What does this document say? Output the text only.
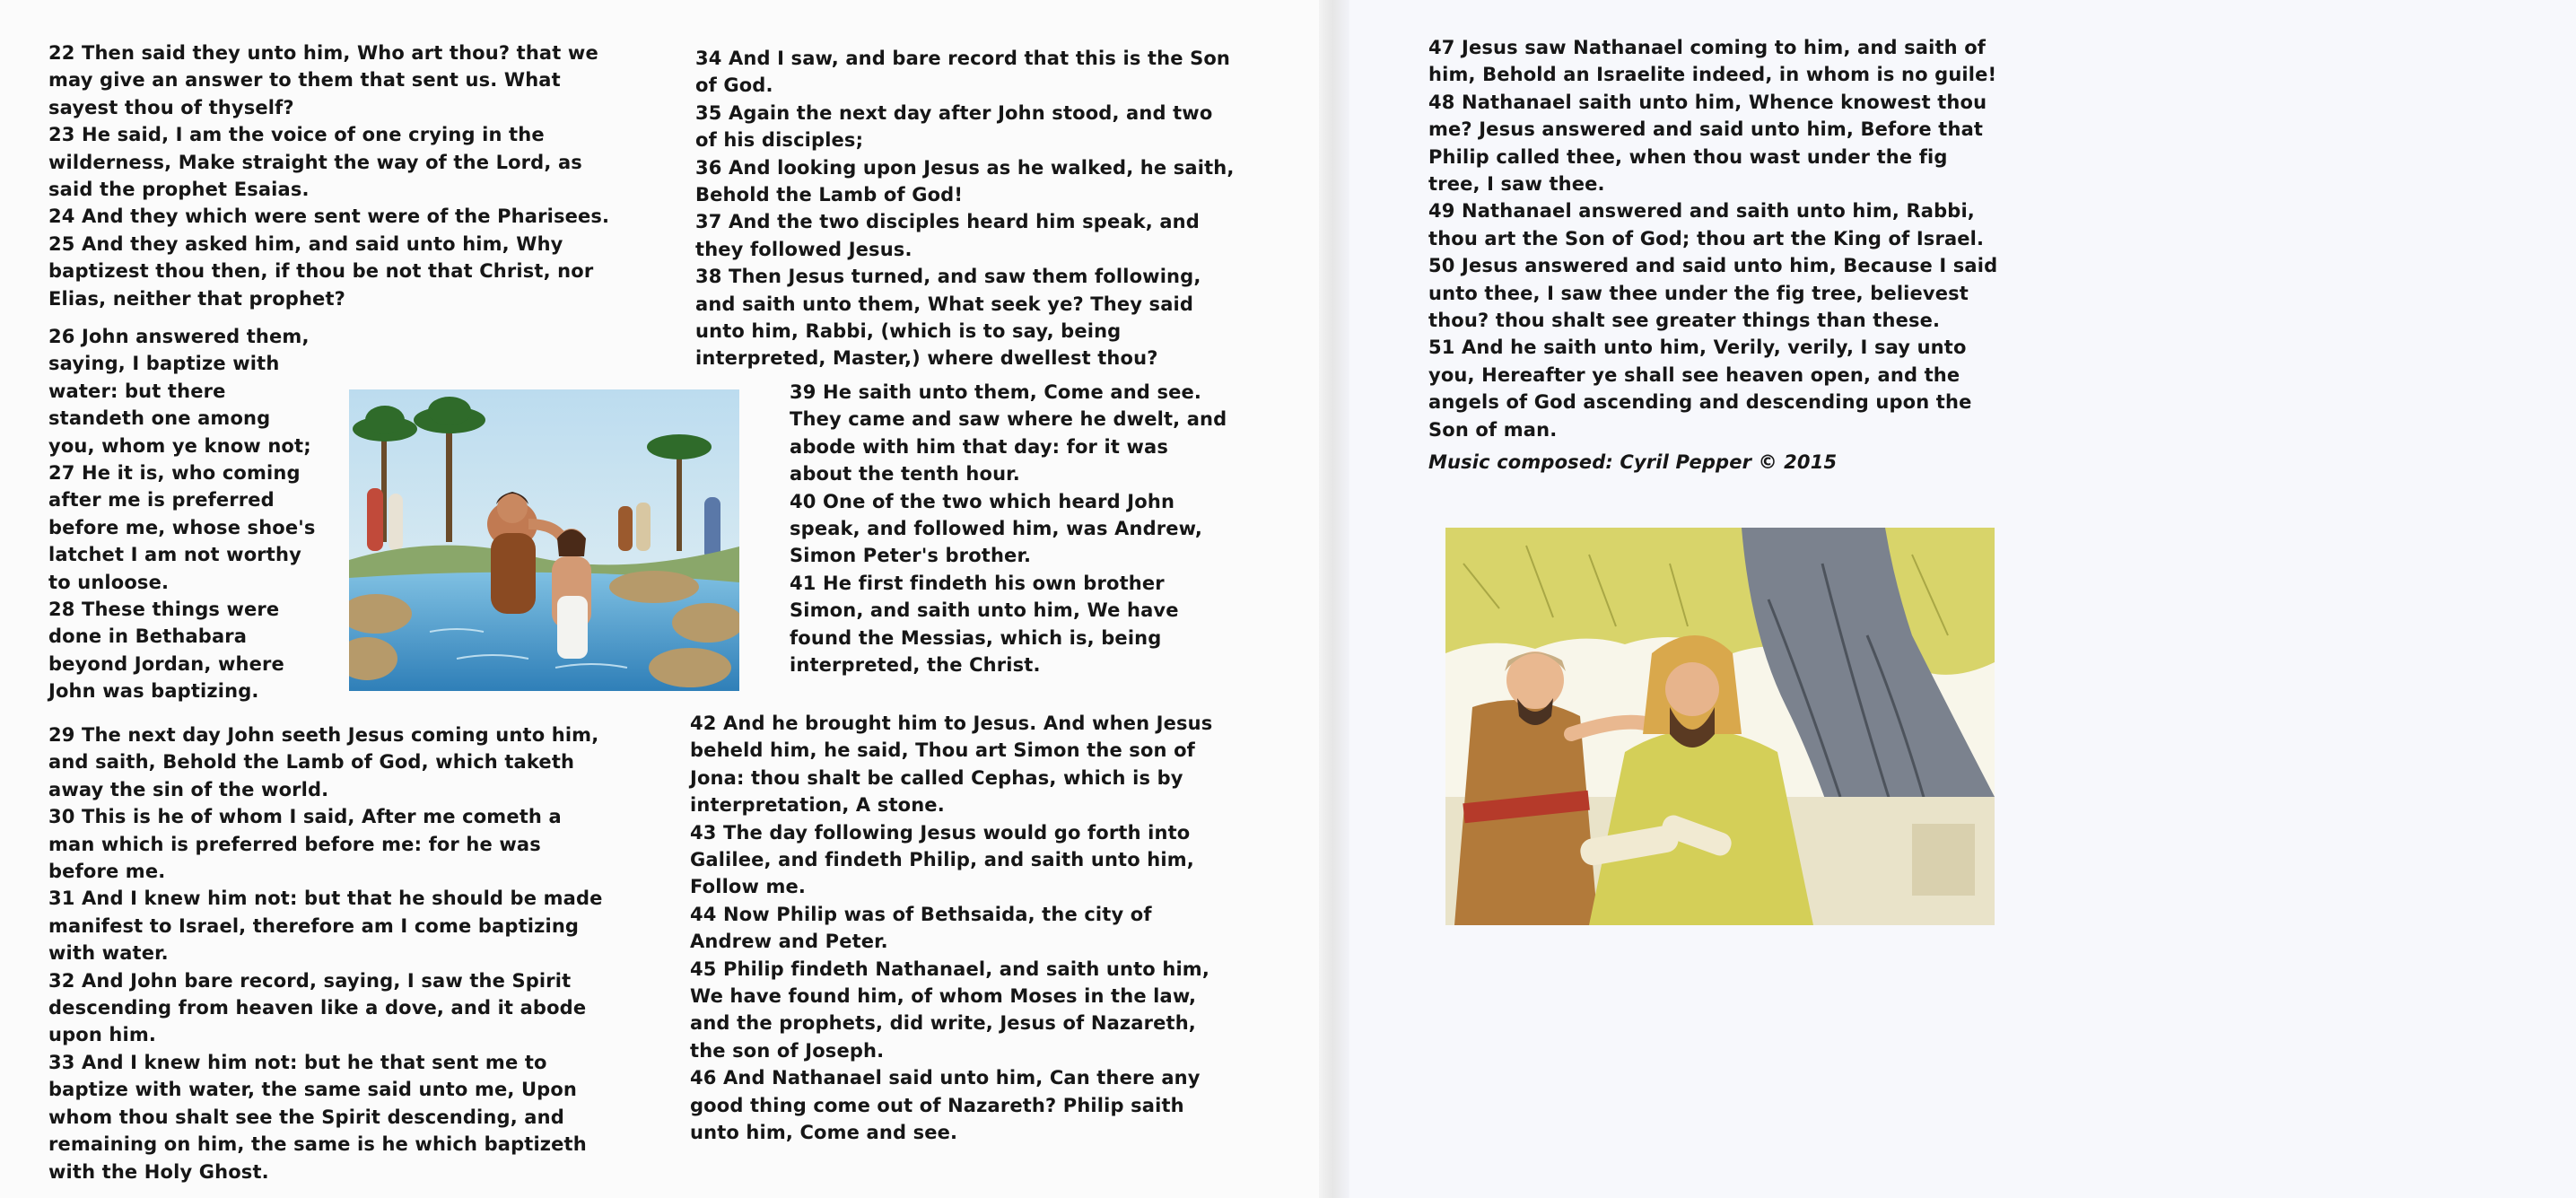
22 Then said they unto him, Who art thou? that we may give an answer to them that sent us. What sayest thou of thyself?
23 He said, I am the voice of one crying in the wilderness, Make straight the way of the Lord, as said the prophet Esaias.
24 And they which were sent were of the Pharisees.
25 And they asked him, and said unto him, Why baptizest thou then, if thou be not that Christ, nor Elias, neither that prophet?
26 John answered them, saying, I baptize with water: but there standeth one among you, whom ye know not;
27 He it is, who coming after me is preferred before me, whose shoe's latchet I am not worthy to unloose.
28 These things were done in Bethabara beyond Jordan, where John was baptizing.
29 The next day John seeth Jesus coming unto him, and saith, Behold the Lamb of God, which taketh away the sin of the world.
30 This is he of whom I said, After me cometh a man which is preferred before me: for he was before me.
31 And I knew him not: but that he should be made manifest to Israel, therefore am I come baptizing with water.
32 And John bare record, saying, I saw the Spirit descending from heaven like a dove, and it abode upon him.
33 And I knew him not: but he that sent me to baptize with water, the same said unto me, Upon whom thou shalt see the Spirit descending, and remaining on him, the same is he which baptizeth with the Holy Ghost.
34 And I saw, and bare record that this is the Son of God.
35 Again the next day after John stood, and two of his disciples;
36 And looking upon Jesus as he walked, he saith, Behold the Lamb of God!
37 And the two disciples heard him speak, and they followed Jesus.
38 Then Jesus turned, and saw them following, and saith unto them, What seek ye? They said unto him, Rabbi, (which is to say, being interpreted, Master,) where dwellest thou?
39 He saith unto them, Come and see. They came and saw where he dwelt, and abode with him that day: for it was about the tenth hour.
40 One of the two which heard John speak, and followed him, was Andrew, Simon Peter's brother.
41 He first findeth his own brother Simon, and saith unto him, We have found the Messias, which is, being interpreted, the Christ.
42 And he brought him to Jesus. And when Jesus beheld him, he said, Thou art Simon the son of Jona: thou shalt be called Cephas, which is by interpretation, A stone.
43 The day following Jesus would go forth into Galilee, and findeth Philip, and saith unto him, Follow me.
44 Now Philip was of Bethsaida, the city of Andrew and Peter.
45 Philip findeth Nathanael, and saith unto him, We have found him, of whom Moses in the law, and the prophets, did write, Jesus of Nazareth, the son of Joseph.
46 And Nathanael said unto him, Can there any good thing come out of Nazareth? Philip saith unto him, Come and see.
47 Jesus saw Nathanael coming to him, and saith of him, Behold an Israelite indeed, in whom is no guile!
48 Nathanael saith unto him, Whence knowest thou me? Jesus answered and said unto him, Before that Philip called thee, when thou wast under the fig tree, I saw thee.
49 Nathanael answered and saith unto him, Rabbi, thou art the Son of God; thou art the King of Israel.
50 Jesus answered and said unto him, Because I said unto thee, I saw thee under the fig tree, believest thou? thou shalt see greater things than these.
51 And he saith unto him, Verily, verily, I say unto you, Hereafter ye shall see heaven open, and the angels of God ascending and descending upon the Son of man.
Music composed: Cyril Pepper © 2015
